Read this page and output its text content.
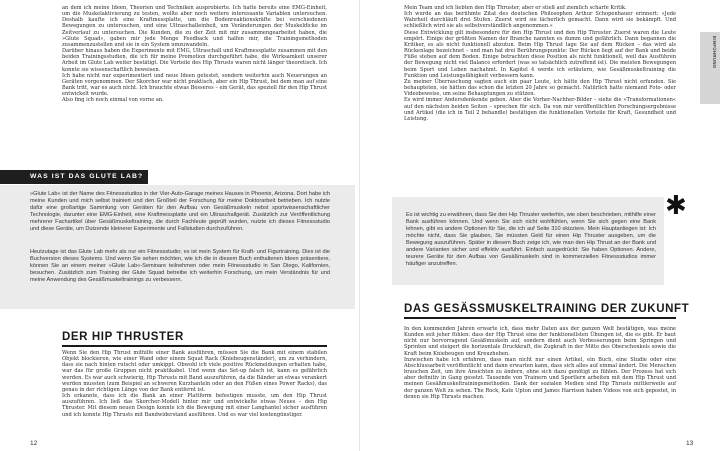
an dem ich meine Ideen, Theorien und Techniken ausprobierte. Ich hatte bereits eine EMG-Einheit, um die Muskelaktivierung zu testen, wollte aber noch weitere interessante Variablen untersuchen. Deshalb kaufte ich eine Kraftmessplatte, um die Bodenreaktionskräfte bei verschiedenen Bewegungen zu untersuchen, und eine Ultraschalleinheit, um Veränderungen der Muskeldicke im Zeitverlauf zu untersuchen. Die Kunden, die zu der Zeit mit mir zusammengearbeitet haben, die »Glute Squad«, gaben mir jede Menge Feedback und halfen mir, die Trainingsmethoden zusammenzustellen und sie in ein System umzuwandeln.
Darüber hinaus haben die Experimente mit EMG, Ultraschall und Kraftmessplatte zusammen mit den beiden Trainingsstudien, die ich für meine Promotion durchgeführt habe, die Wirksamkeit unserer Arbeit im Glute Lab weiter bestätigt. Die Vorteile des Hip Thrusts waren nicht länger theoretisch. Ich konnte sie wissenschaftlich beweisen.
Ich habe nicht nur experimentiert und neue Ideen getestet, sondern weiterhin auch Neuerungen an Geräten vorgenommen. Der Skorcher war nicht praktisch, aber ein Hip Thrust, bei dem man auf eine Bank tritt, war es auch nicht. Ich brauchte etwas Besseres – ein Gerät, das speziell für den Hip Thrust entwickelt wurde.
Also fing ich noch einmal von vorne an.

WAS IST DAS GLUTE LAB?

»Glute Lab« ist der Name des Fitnessstudios in der Vier-Auto-Garage meines Hauses in Phoenix, Arizona. Dort habe ich meine Kunden und mich selbst trainiert und den Großteil der Forschung für meine Doktorarbeit betrieben. Ich nutzte dafür eine großartige Sammlung von Geräten für den Aufbau von Gesäßmuskeln nebst sportwissenschaftlicher Technologie, darunter eine EMG-Einheit, eine Kraftmessplatte und ein Ultraschallgerät. Zusätzlich zur Veröffentlichung mehrerer Fachartikel über Gesäßmuskeltraining, die durch Fachleute geprüft wurden, nutzte ich dieses Fitnessstudio und diese Geräte, um Dutzende kleinerer Experimente und Fallstudien durchzuführen.

Heutzutage ist das Glute Lab mehr als nur ein Fitnessstudio; es ist mein System für Kraft- und Figurtraining. Dies ist die Buchversion dieses Systems. Und wenn Sie sehen möchten, wie ich die in diesem Buch enthaltenen Ideen präsentiere, können Sie an einem meiner »Glute Lab«-Seminare teilnehmen oder mein Fitnessstudio in San Diego, Kalifornien, besuchen. Zusätzlich zum Training der Glute Squad betreibe ich weiterhin Forschung, um mein Verständnis für und meine Anwendung des Gesäßmuskeltrainings zu verbessern.

DER HIP THRUSTER

Wenn Sie den Hip Thrust mithilfe einer Bank ausführen, müssen Sie die Bank mit einem stabilen Objekt blockieren, wie einer Wand oder einem Squat Rack (Kniebeugenständer), um zu verhindern, dass sie nach hinten rutscht oder umkippt. Obwohl ich viele positive Rückmeldungen erhalten habe, war das für große Gruppen nicht praktikabel. Und wenn das Set-up falsch ist, kann es gefährlich werden. Es war auch schwierig, Hip Thrusts mit Band auszuführen, da die Bänder an etwas verankert werden mussten (zum Beispiel an schweren Kurzhanteln oder an den Füßen eines Power Racks), das genau in der richtigen Länge von der Bank entfernt ist.
Ich erkannte, dass ich die Bank an einer Plattform befestigen musste, um den Hip Thrust auszuführen. Ich ließ das Skorcher-Modell hinter mir und entwickelte etwas Neues – den Hip Thruster. Mit diesem neuen Design konnte ich die Bewegung mit einer Langhantel sicher ausführen und ich konnte Hip Thrusts mit Bandwiderstand ausführen. Und es war viel kostengünstiger.

12
EINFÜHRUNG

Mein Team und ich liebten den Hip Thruster, aber er stieß auf ziemlich scharfe Kritik.
Ich wurde an das berühmte Zitat des deutschen Philosophen Arthur Schopenhauer erinnert: »Jede Wahrheit durchläuft drei Stufen. Zuerst wird sie lächerlich gemacht. Dann wird sie bekämpft. Und schließlich wird sie als selbstverständlich angenommen.«
Diese Entwicklung gilt insbesondere für den Hip Thrust und den Hip Thruster. Zuerst waren die Leute empört. Einige der größten Namen der Branche nannten es dumm und gefährlich. Dann begannen die Kritiker, es als nicht funktionell abzutun. Beim Hip Thrust lage Sie auf dem Rücken – das wird als Rückenlage bezeichnet – und man hat drei Berührungspunkte: Der Rücken liegt auf der Bank und beide Füße stehen auf dem Boden. Einige betrachten diese Position als nicht funktionell, weil das Ausführen der Bewegung nicht viel Balance erfordert (was so tatsächlich zutreffend ist). Die meisten Bewegungen beim Sport und Leben nachahmt. In Kapitel 4 werde ich erläutern, wie Gesäßmuskeltraining die Funktion und Leistungsfähigkeit verbessern kann.
Zu meiner Überraschung sagten auch ein paar Leute, ich hätte den Hip Thrust nicht erfunden. Sie behaupteten, sie hätten das schon die letzten 20 Jahre so gemacht. Natürlich hatte niemand Foto- oder Videobeweise, um seine Behauptungen zu stützen.
Es wird immer Andersdenkende geben. Aber die Vorher-Nachher-Bilder – siehe die »Transformationen« auf den nächsten beiden Seiten – sprechen für sich. Da von mir veröffentlichten Forschungsergebnisse und Artikel (die ich in Teil 2 behandle) bestätigen die funktionellen Vorteile für Kraft, Gesundheit und Leistung.

Es ist wichtig zu erwähnen, dass Sie den Hip Thruster weiterhin, wie oben beschrieben, mithilfe einer Bank ausführen können. Und wenn Sie sich nicht wohlfühlen, wenn Sie sich gegen eine Bank lehnen, gibt es andere Optionen für Sie, die ich auf Seite 310 skizziere. Mein Hauptanliegen ist: Ich möchte nicht, dass Sie glauben, Sie müssten Geld für einen Hip Thruster ausgeben, um die Bewegung auszuführen. Später in diesem Buch zeige ich, wie man den Hip Thrust an der Bank und andere Varianten sicher und effektiv ausführt. Einfach ausgedrückt: Sie haben Optionen. Andere, teurere Geräte für den Aufbau von Gesäßmuskeln sind in kommerziellen Fitnessstudios immer häufiger anzutreffen.

✱
DAS GESÄSSMUSKELTRAINING DER ZUKUNFT

In den kommenden Jahren erwarte ich, dass mehr Daten aus der ganzen Welt bestätigen, was meine Kunden seit jeher fühlen: dass der Hip Thrust eine der funktionellsten Übungen ist, die es gibt. Er baut nicht nur hervorragend Gesäßmuskeln auf, sondern dient auch Verbesserungen beim Springen und Sprinten und steigert die horizontale Druckkraft, die Zugkraft in der Mitte des Oberschenkels sowie die Kraft beim Kniebeugen und Kreuzheben.
Inzwischen habe ich erfahren, dass man nicht nur einen Artikel, ein Buch, eine Studie oder eine Abschlussarbeit veröffentlicht und dann erwarten kann, dass sich alles auf einmal ändert. Die Menschen brauchen Zeit, um ihre Ansichten zu ändern, ohne sich dazu genötigt zu fühlen. Der Prozess hat sich aber definitiv in Gang gesetzt. Tausende von Trainern und Sportlern arbeiten mit dem Hip Thrust und meinen Gesäßmuskeltrainingsmethoden. Dank der sozialen Medien sind Hip Thrusts mittlerweile auf der ganzen Welt zu sehen. The Rock, Kate Upton und James Harrison haben Videos von sich gepostet, in denen sie Hip Thrusts machen.

13
